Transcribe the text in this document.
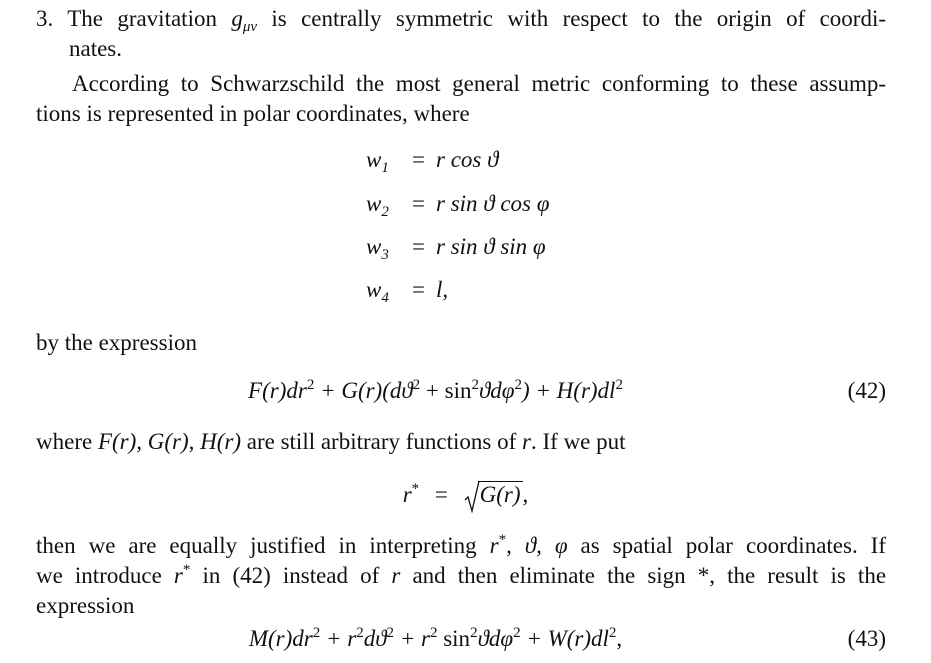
3. The gravitation $g_{\mu\nu}$ is centrally symmetric with respect to the origin of coordi-
nates.
According to Schwarzschild the most general metric conforming to these assump-
tions is represented in polar coordinates, where
$w_1 = r$ cos ϑ
$w_2 = r$ sin ϑ cos φ
$w_3 = r$ sin ϑ sin φ
$w_4 = l$,
by the expression
$F(r)dr^2 + G(r)(dϑ^2 + \sin^2ϑd\varphi^2) + H(r)dl^2$	(42)
where F(r), G(r), H(r) are still arbitrary functions of r. If we put
r* = G(r),
then we are equally justified in interpreting r*, ϑ, φ as spatial polar coordinates. If
we introduce r* in (42) instead of r and then eliminate the sign *, the result is the
expression
$M(r)dr^2 + r^2dϑ^2 + r^2$ $\sin^2ϑd\varphi^2 + W(r)dl^2$,	(43)
